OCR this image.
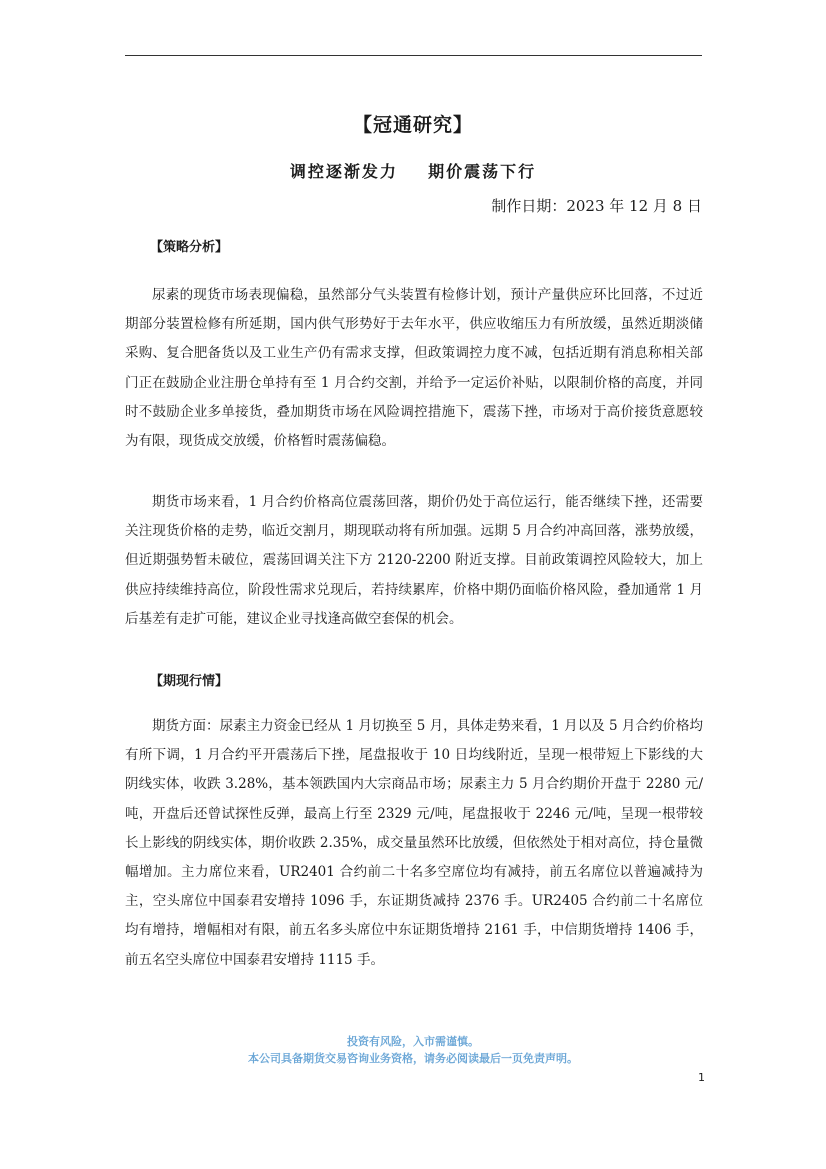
【冠通研究】
调控逐渐发力    期价震荡下行
制作日期：2023 年 12 月 8 日
【策略分析】

尿素的现货市场表现偏稳，虽然部分气头装置有检修计划，预计产量供应环比回落，不过近期部分装置检修有所延期，国内供气形势好于去年水平，供应收缩压力有所放缓，虽然近期淡储采购、复合肥备货以及工业生产仍有需求支撑，但政策调控力度不减，包括近期有消息称相关部门正在鼓励企业注册仓单持有至 1 月合约交割，并给予一定运价补贴，以限制价格的高度，并同时不鼓励企业多单接货，叠加期货市场在风险调控措施下，震荡下挫，市场对于高价接货意愿较为有限，现货成交放缓，价格暂时震荡偏稳。

期货市场来看，1 月合约价格高位震荡回落，期价仍处于高位运行，能否继续下挫，还需要关注现货价格的走势，临近交割月，期现联动将有所加强。远期 5 月合约冲高回落，涨势放缓，但近期强势暂未破位，震荡回调关注下方 2120-2200 附近支撑。目前政策调控风险较大，加上供应持续维持高位，阶段性需求兑现后，若持续累库，价格中期仍面临价格风险，叠加通常 1 月后基差有走扩可能，建议企业寻找逢高做空套保的机会。

【期现行情】

期货方面：尿素主力资金已经从 1 月切换至 5 月，具体走势来看，1 月以及 5 月合约价格均有所下调，1 月合约平开震荡后下挫，尾盘报收于 10 日均线附近，呈现一根带短上下影线的大阴线实体，收跌 3.28%，基本领跌国内大宗商品市场；尿素主力 5 月合约期价开盘于 2280 元/吨，开盘后还曾试探性反弹，最高上行至 2329 元/吨，尾盘报收于 2246 元/吨，呈现一根带较长上影线的阴线实体，期价收跌 2.35%，成交量虽然环比放缓，但依然处于相对高位，持仓量微幅增加。主力席位来看，UR2401 合约前二十名多空席位均有减持，前五名席位以普遍减持为主，空头席位中国泰君安增持 1096 手，东证期货减持 2376 手。UR2405 合约前二十名席位均有增持，增幅相对有限，前五名多头席位中东证期货增持 2161 手，中信期货增持 1406 手，前五名空头席位中国泰君安增持 1115 手。

投资有风险，入市需谨慎。
本公司具备期货交易咨询业务资格，请务必阅读最后一页免责声明。
1
